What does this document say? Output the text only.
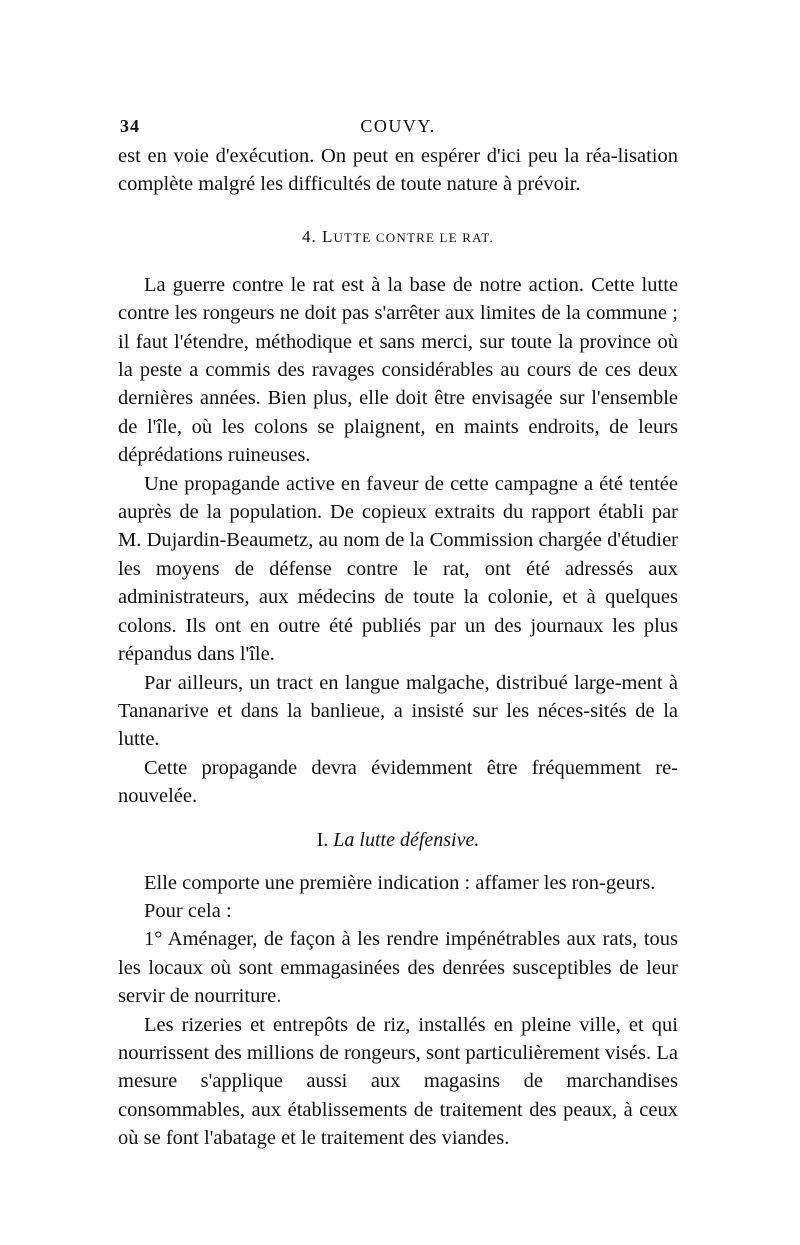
34	COUVY.

est en voie d'exécution. On peut en espérer d'ici peu la réa-lisation complète malgré les difficultés de toute nature à prévoir.

4. LUTTE CONTRE LE RAT.

La guerre contre le rat est à la base de notre action. Cette lutte contre les rongeurs ne doit pas s'arrêter aux limites de la commune ; il faut l'étendre, méthodique et sans merci, sur toute la province où la peste a commis des ravages considérables au cours de ces deux dernières années. Bien plus, elle doit être envisagée sur l'ensemble de l'île, où les colons se plaignent, en maints endroits, de leurs déprédations ruineuses.

Une propagande active en faveur de cette campagne a été tentée auprès de la population. De copieux extraits du rapport établi par M. Dujardin-Beaumetz, au nom de la Commission chargée d'étudier les moyens de défense contre le rat, ont été adressés aux administrateurs, aux médecins de toute la colonie, et à quelques colons. Ils ont en outre été publiés par un des journaux les plus répandus dans l'île.

Par ailleurs, un tract en langue malgache, distribué large-ment à Tananarive et dans la banlieue, a insisté sur les néces-sités de la lutte.

Cette propagande devra évidemment être fréquemment re-nouvelée.

I. La lutte défensive.

Elle comporte une première indication : affamer les ron-geurs.

Pour cela :

1° Aménager, de façon à les rendre impénétrables aux rats, tous les locaux où sont emmagasinées des denrées susceptibles de leur servir de nourriture.

Les rizeries et entrepôts de riz, installés en pleine ville, et qui nourrissent des millions de rongeurs, sont particulièrement visés. La mesure s'applique aussi aux magasins de marchandises consommables, aux établissements de traitement des peaux, à ceux où se font l'abatage et le traitement des viandes.
